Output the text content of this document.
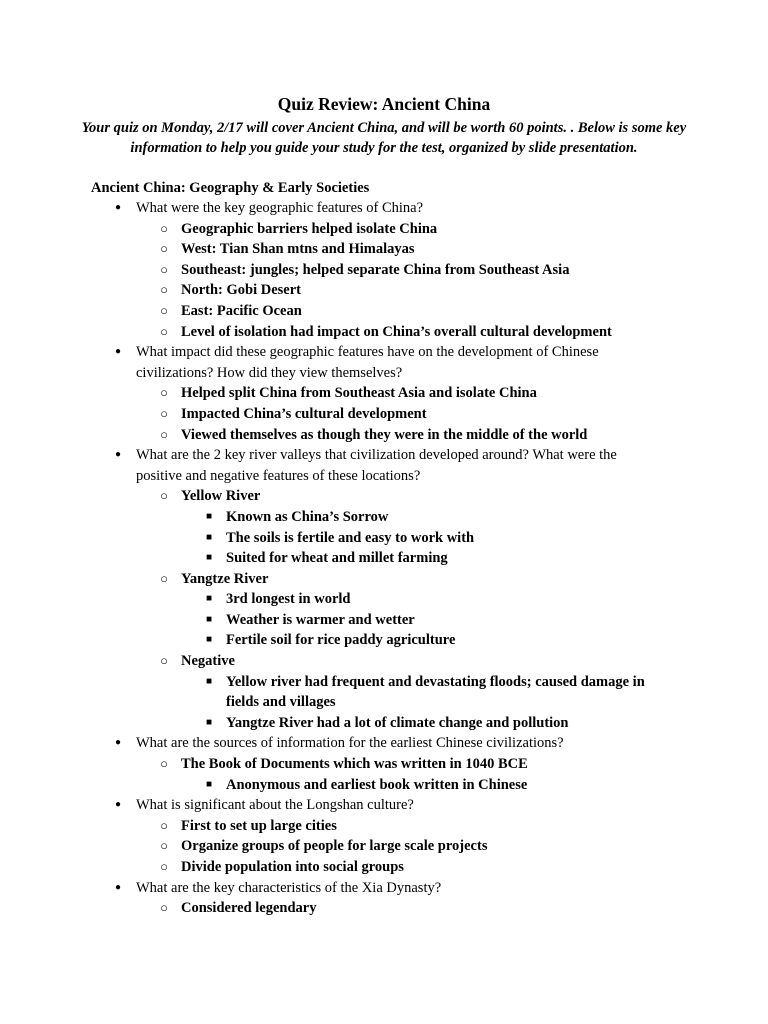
Quiz Review: Ancient China
Your quiz on Monday, 2/17 will cover Ancient China, and will be worth 60 points. . Below is some key information to help you guide your study for the test, organized by slide presentation.
Ancient China: Geography & Early Societies
●	What were the key geographic features of China?
○ Geographic barriers helped isolate China
○ West: Tian Shan mtns and Himalayas
○ Southeast: jungles; helped separate China from Southeast Asia
○ North: Gobi Desert
○ East: Pacific Ocean
○ Level of isolation had impact on China’s overall cultural development
●	What impact did these geographic features have on the development of Chinese civilizations? How did they view themselves?
○ Helped split China from Southeast Asia and isolate China
○ Impacted China’s cultural development
○ Viewed themselves as though they were in the middle of the world
●	What are the 2 key river valleys that civilization developed around? What were the positive and negative features of these locations?
○ Yellow River
■ Known as China’s Sorrow
■ The soils is fertile and easy to work with
■ Suited for wheat and millet farming
○ Yangtze River
■ 3rd longest in world
■ Weather is warmer and wetter
■ Fertile soil for rice paddy agriculture
○ Negative
■ Yellow river had frequent and devastating floods; caused damage in fields and villages
■ Yangtze River had a lot of climate change and pollution
●	What are the sources of information for the earliest Chinese civilizations?
○ The Book of Documents which was written in 1040 BCE
■ Anonymous and earliest book written in Chinese
●	What is significant about the Longshan culture?
○ First to set up large cities
○ Organize groups of people for large scale projects
○ Divide population into social groups
●	What are the key characteristics of the Xia Dynasty?
○ Considered legendary
